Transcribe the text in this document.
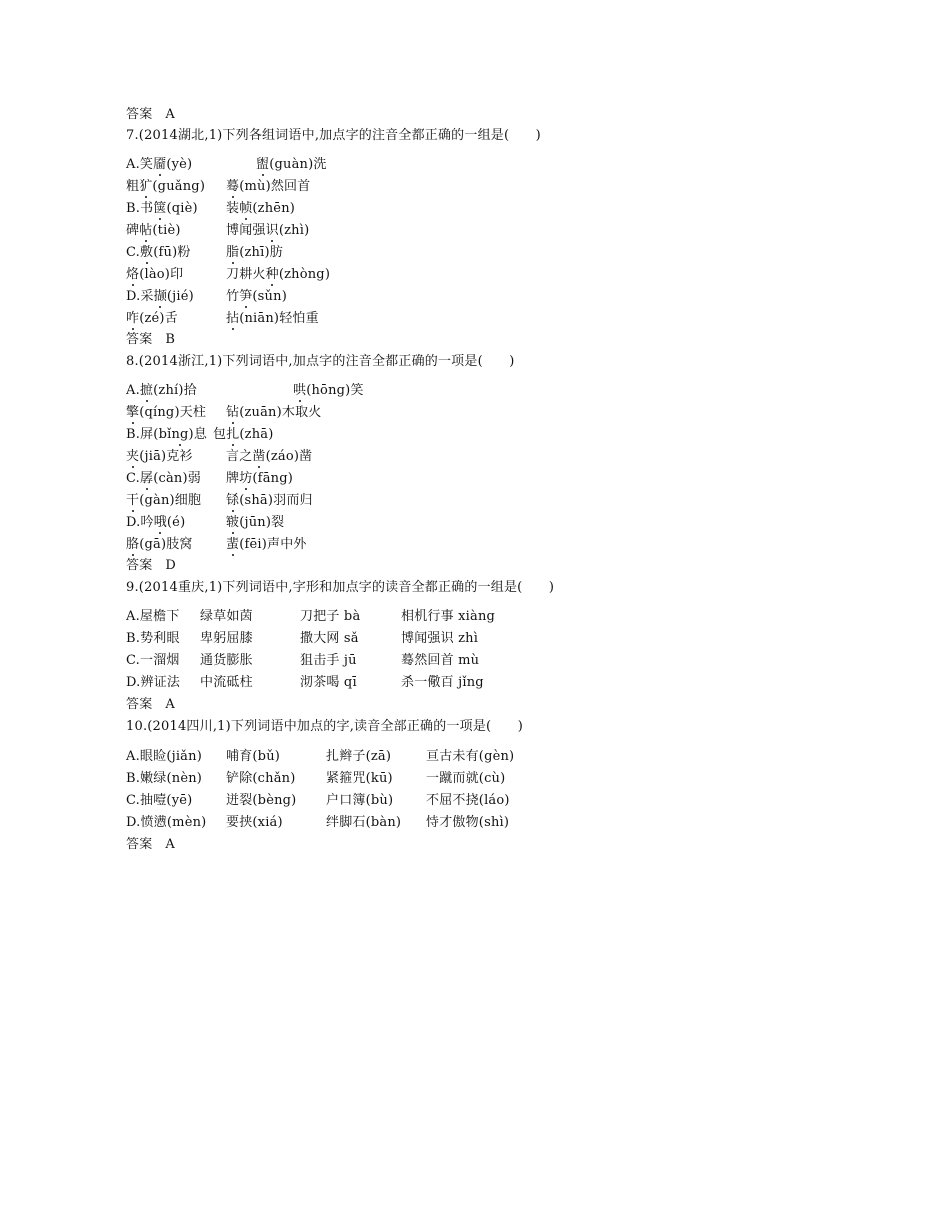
答案 A
7.(2014湖北,1)下列各组词语中,加点字的注音全都正确的一组是(　　)
A.笑靥(yè)	盥(guàn)洗
粗犷(guǎng) 蓦(mù)然回首
B.书箧(qiè) 装帧(zhēn)
碑帖(tiè)	博闻强识(zhì)
C.敷(fū)粉	脂(zhī)肪
烙(lào)印	刀耕火种(zhòng)
D.采撷(jié) 竹笋(sǔn)
咋(zé)舌	拈(niān)轻怕重
答案 B
8.(2014浙江,1)下列词语中,加点字的注音全都正确的一项是(　　)
A.摭(zhí)拾	哄(hōng)笑
擎(qíng)天柱 钻(zuān)木取火
B.屏(bǐng)息 包扎(zhā)
夹(jiā)克衫	言之凿(záo)凿
C.孱(càn)弱 牌坊(fāng)
干(gàn)细胞 铩(shā)羽而归
D.吟哦(é)	皲(jūn)裂
胳(gā)肢窝	蜚(fēi)声中外
答案 D
9.(2014重庆,1)下列词语中,字形和加点字的读音全都正确的一组是(　　)
A.屋檐下 绿草如茵	刀把子 bà	相机行事 xiàng
B.势利眼 卑躬屈膝	撒大网 sǎ	博闻强识 zhì
C.一溜烟 通货膨胀	狙击手 jū	蓦然回首 mù
D.辨证法 中流砥柱	沏茶喝 qī	杀一儆百 jǐng
答案 A
10.(2014四川,1)下列词语中加点的字,读音全部正确的一项是(　　)
A.眼睑(jiǎn) 哺育(bǔ)	扎辫子(zā)	亘古未有(gèn)
B.嫩绿(nèn) 铲除(chǎn) 紧箍咒(kū)	一蹴而就(cù)
C.抽噎(yē)	迸裂(bèng) 户口簿(bù)	不屈不挠(láo)
D.愤懑(mèn) 要挟(xiá)	绊脚石(bàn) 恃才傲物(shì)
答案 A
